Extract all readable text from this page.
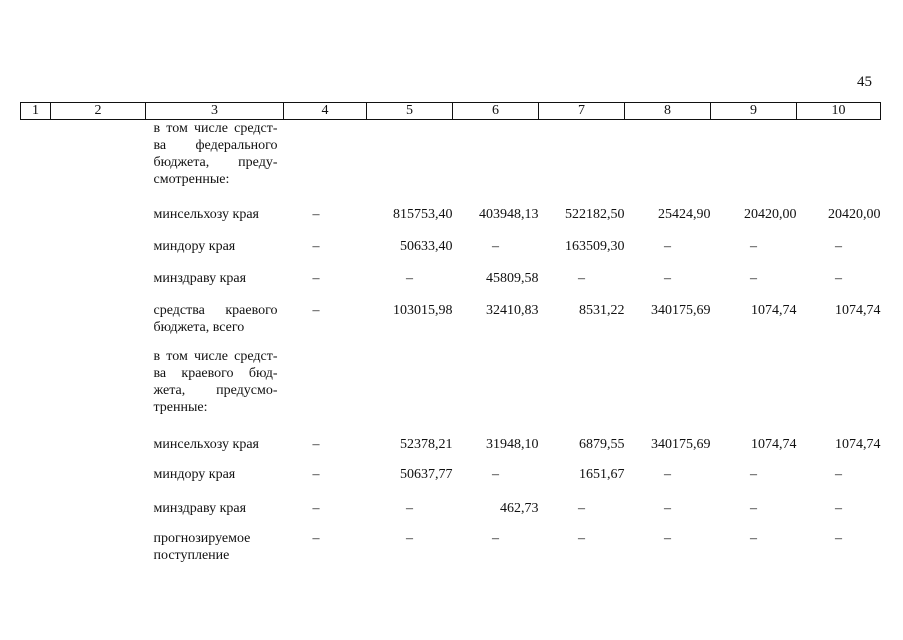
45
1	2	3	4	5	6	7	8	9	10
		в том числе средст-ва федерального бюджета, преду-смотренные:							
		минсельхозу края	–	815753,40	403948,13	522182,50	25424,90	20420,00	20420,00
		миндору края	–	50633,40	–	163509,30	–	–	–
		минздраву края	–	–	45809,58	–	–	–	–
		средства краевого бюджета, всего	–	103015,98	32410,83	8531,22	340175,69	1074,74	1074,74
		в том числе средст-ва краевого бюд-жета, предусмо-тренные:							
		минсельхозу края	–	52378,21	31948,10	6879,55	340175,69	1074,74	1074,74
		миндору края	–	50637,77	–	1651,67	–	–	–
		минздраву края	–	–	462,73	–	–	–	–
		прогнозируемое поступление	–	–	–	–	–	–	–
